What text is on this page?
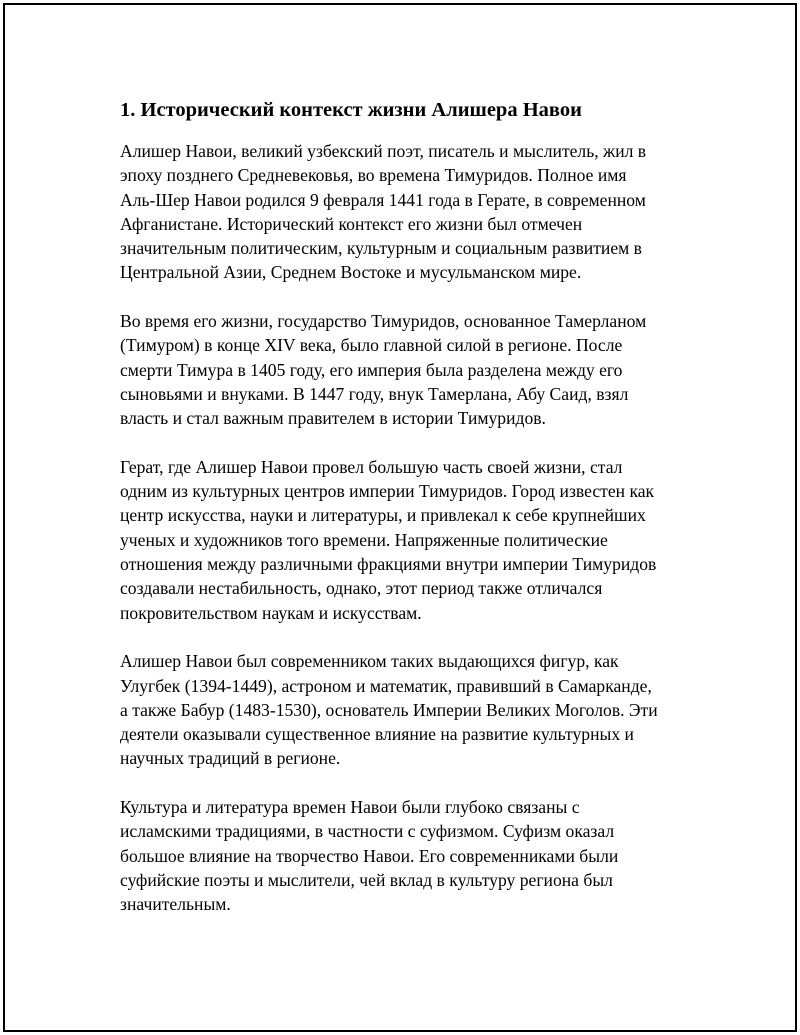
1. Исторический контекст жизни Алишера Навои
Алишер Навои, великий узбекский поэт, писатель и мыслитель, жил в
эпоху позднего Средневековья, во времена Тимуридов. Полное имя
Аль-Шер Навои родился 9 февраля 1441 года в Герате, в современном
Афганистане. Исторический контекст его жизни был отмечен
значительным политическим, культурным и социальным развитием в
Центральной Азии, Среднем Востоке и мусульманском мире.
Во время его жизни, государство Тимуридов, основанное Тамерланом
(Тимуром) в конце XIV века, было главной силой в регионе. После
смерти Тимура в 1405 году, его империя была разделена между его
сыновьями и внуками. В 1447 году, внук Тамерлана, Абу Саид, взял
власть и стал важным правителем в истории Тимуридов.
Герат, где Алишер Навои провел большую часть своей жизни, стал
одним из культурных центров империи Тимуридов. Город известен как
центр искусства, науки и литературы, и привлекал к себе крупнейших
ученых и художников того времени. Напряженные политические
отношения между различными фракциями внутри империи Тимуридов
создавали нестабильность, однако, этот период также отличался
покровительством наукам и искусствам.
Алишер Навои был современником таких выдающихся фигур, как
Улугбек (1394-1449), астроном и математик, правивший в Самарканде,
а также Бабур (1483-1530), основатель Империи Великих Моголов. Эти
деятели оказывали существенное влияние на развитие культурных и
научных традиций в регионе.
Культура и литература времен Навои были глубоко связаны с
исламскими традициями, в частности с суфизмом. Суфизм оказал
большое влияние на творчество Навои. Его современниками были
суфийские поэты и мыслители, чей вклад в культуру региона был
значительным.
